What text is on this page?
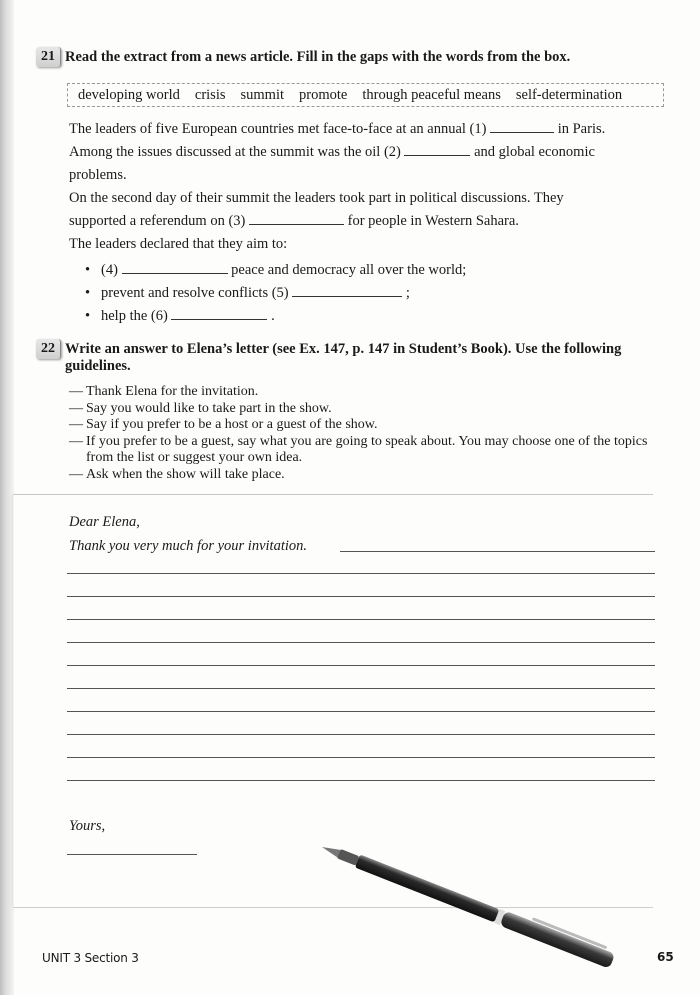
21 Read the extract from a news article. Fill in the gaps with the words from the box.
developing world crisis summit promote through peaceful means self-determination
The leaders of five European countries met face-to-face at an annual (1)	in Paris.
Among the issues discussed at the summit was the oil (2)	and global economic
problems.
On the second day of their summit the leaders took part in political discussions. They
supported a referendum on (3)	for people in Western Sahara.
The leaders declared that they aim to:
• (4)

	peace and democracy all over the world;
• prevent and resolve conflicts (5)

	;
• help the (6)

	.
22 Write an answer to Elena’s letter (see Ex. 147, p. 147 in Student’s Book). Use the following
guidelines.
— Thank Elena for the invitation.
— Say you would like to take part in the show.
— Say if you prefer to be a host or a guest of the show.
— If you prefer to be a guest, say what you are going to speak about. You may choose one of the topics from the list or suggest your own idea.
— Ask when the show will take place.
Dear Elena,
Thank you very much for your invitation.
Yours,
UNIT 3 Section 3	65
